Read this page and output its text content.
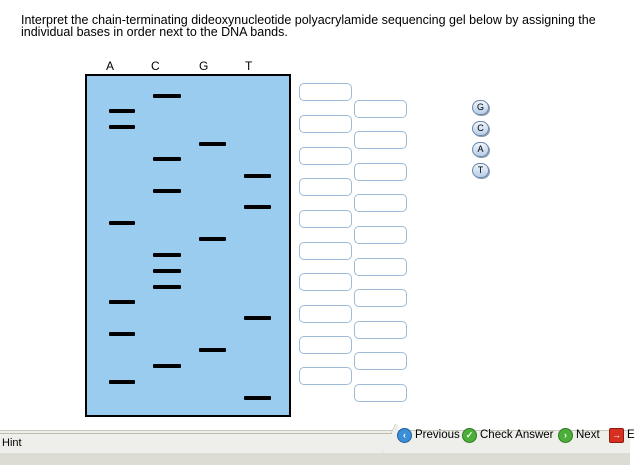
Interpret the chain-terminating dideoxynucleotide polyacrylamide sequencing gel below by assigning the individual bases in order next to the DNA bands.
A	C	G	T
G
C
A
T
Hint
‹ Previous ✓ Check Answer	› Next	→ E
